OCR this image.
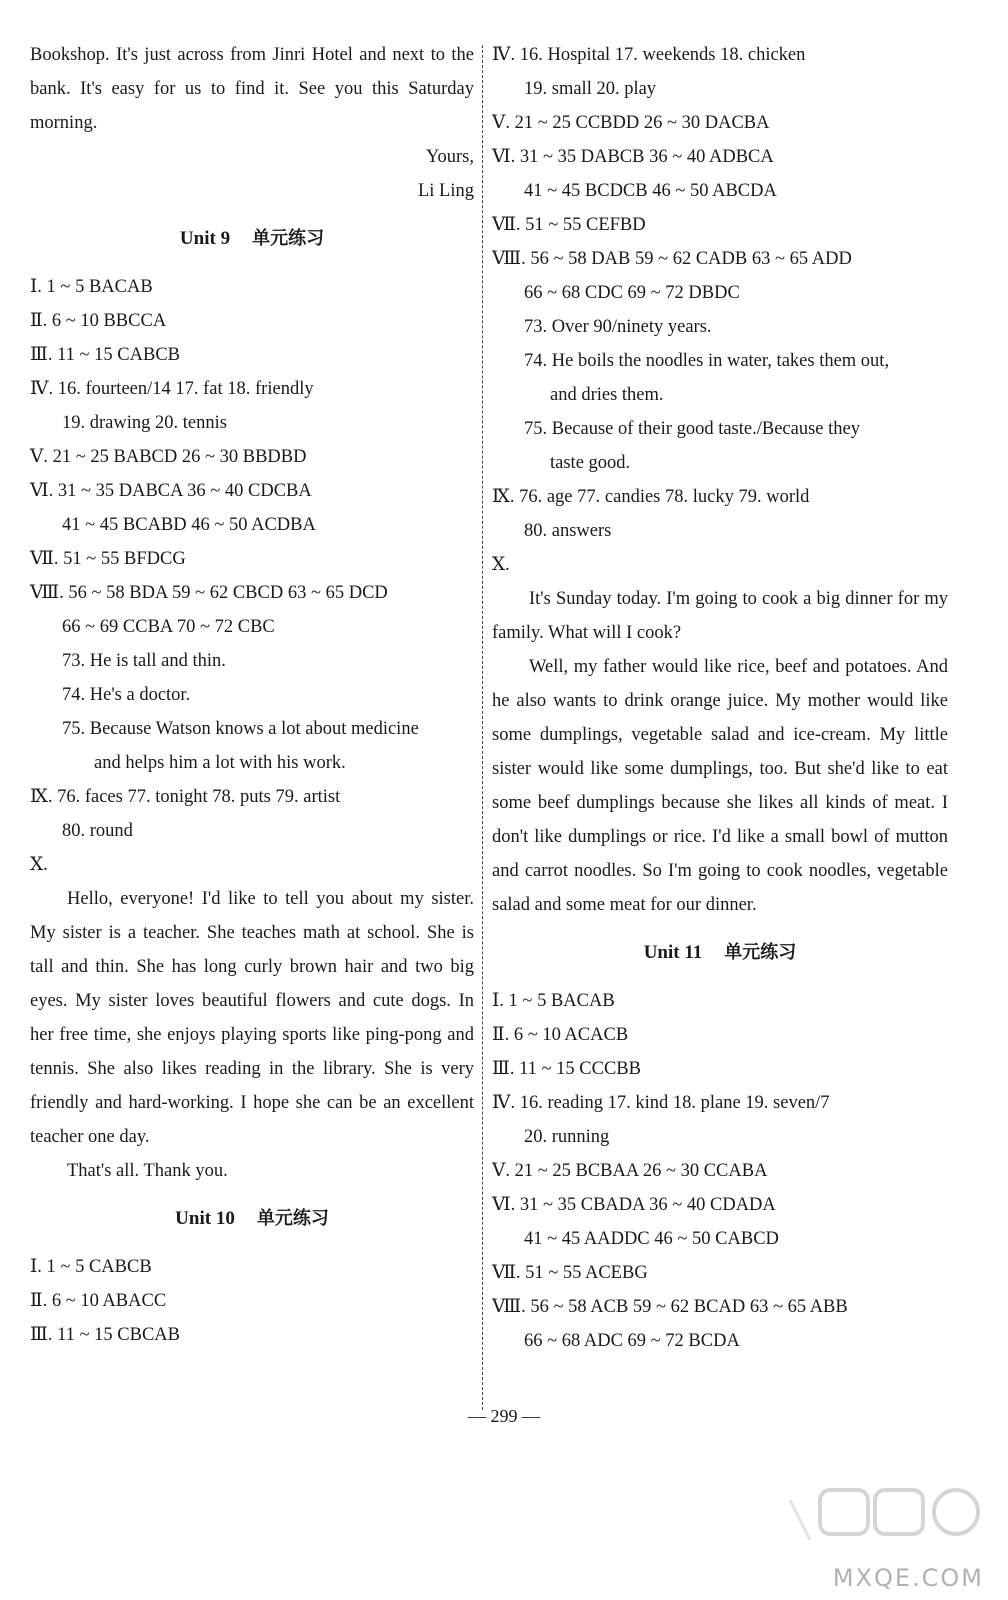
Bookshop. It's just across from Jinri Hotel and next to the bank. It's easy for us to find it. See you this Saturday morning.

Yours,
Li Ling
Unit 9 单元练习
Ⅰ. 1 ~ 5 BACAB
Ⅱ. 6 ~ 10 BBCCA
Ⅲ. 11 ~ 15 CABCB
Ⅳ. 16. fourteen/14 17. fat 18. friendly
19. drawing 20. tennis
Ⅴ. 21 ~ 25 BABCD 26 ~ 30 BBDBD
Ⅵ. 31 ~ 35 DABCA 36 ~ 40 CDCBA
41 ~ 45 BCABD 46 ~ 50 ACDBA
Ⅶ. 51 ~ 55 BFDCG
Ⅷ. 56 ~ 58 BDA 59 ~ 62 CBCD 63 ~ 65 DCD
66 ~ 69 CCBA 70 ~ 72 CBC
73. He is tall and thin.
74. He's a doctor.
75. Because Watson knows a lot about medicine
and helps him a lot with his work.
Ⅸ. 76. faces 77. tonight 78. puts 79. artist
80. round
Ⅹ.

Hello, everyone! I'd like to tell you about my sister. My sister is a teacher. She teaches math at school. She is tall and thin. She has long curly brown hair and two big eyes. My sister loves beautiful flowers and cute dogs. In her free time, she enjoys playing sports like ping-pong and tennis. She also likes reading in the library. She is very friendly and hard-working. I hope she can be an excellent teacher one day.

That's all. Thank you.

Unit 10 单元练习
Ⅰ. 1 ~ 5 CABCB
Ⅱ. 6 ~ 10 ABACC
Ⅲ. 11 ~ 15 CBCAB
Ⅳ. 16. Hospital 17. weekends 18. chicken
19. small 20. play
Ⅴ. 21 ~ 25 CCBDD 26 ~ 30 DACBA
Ⅵ. 31 ~ 35 DABCB 36 ~ 40 ADBCA
41 ~ 45 BCDCB 46 ~ 50 ABCDA
Ⅶ. 51 ~ 55 CEFBD
Ⅷ. 56 ~ 58 DAB 59 ~ 62 CADB 63 ~ 65 ADD
66 ~ 68 CDC 69 ~ 72 DBDC
73. Over 90/ninety years.
74. He boils the noodles in water, takes them out,
and dries them.
75. Because of their good taste./Because they
taste good.
Ⅸ. 76. age 77. candies 78. lucky 79. world
80. answers
Ⅹ.

It's Sunday today. I'm going to cook a big dinner for my family. What will I cook?

Well, my father would like rice, beef and potatoes. And he also wants to drink orange juice. My mother would like some dumplings, vegetable salad and ice-cream. My little sister would like some dumplings, too. But she'd like to eat some beef dumplings because she likes all kinds of meat. I don't like dumplings or rice. I'd like a small bowl of mutton and carrot noodles. So I'm going to cook noodles, vegetable salad and some meat for our dinner.

Unit 11 单元练习
Ⅰ. 1 ~ 5 BACAB
Ⅱ. 6 ~ 10 ACACB
Ⅲ. 11 ~ 15 CCCBB
Ⅳ. 16. reading 17. kind 18. plane 19. seven/7
20. running
Ⅴ. 21 ~ 25 BCBAA 26 ~ 30 CCABA
Ⅵ. 31 ~ 35 CBADA 36 ~ 40 CDADA
41 ~ 45 AADDC 46 ~ 50 CABCD
Ⅶ. 51 ~ 55 ACEBG
Ⅷ. 56 ~ 58 ACB 59 ~ 62 BCAD 63 ~ 65 ABB
66 ~ 68 ADC 69 ~ 72 BCDA
— 299 —
MXQE.COM
